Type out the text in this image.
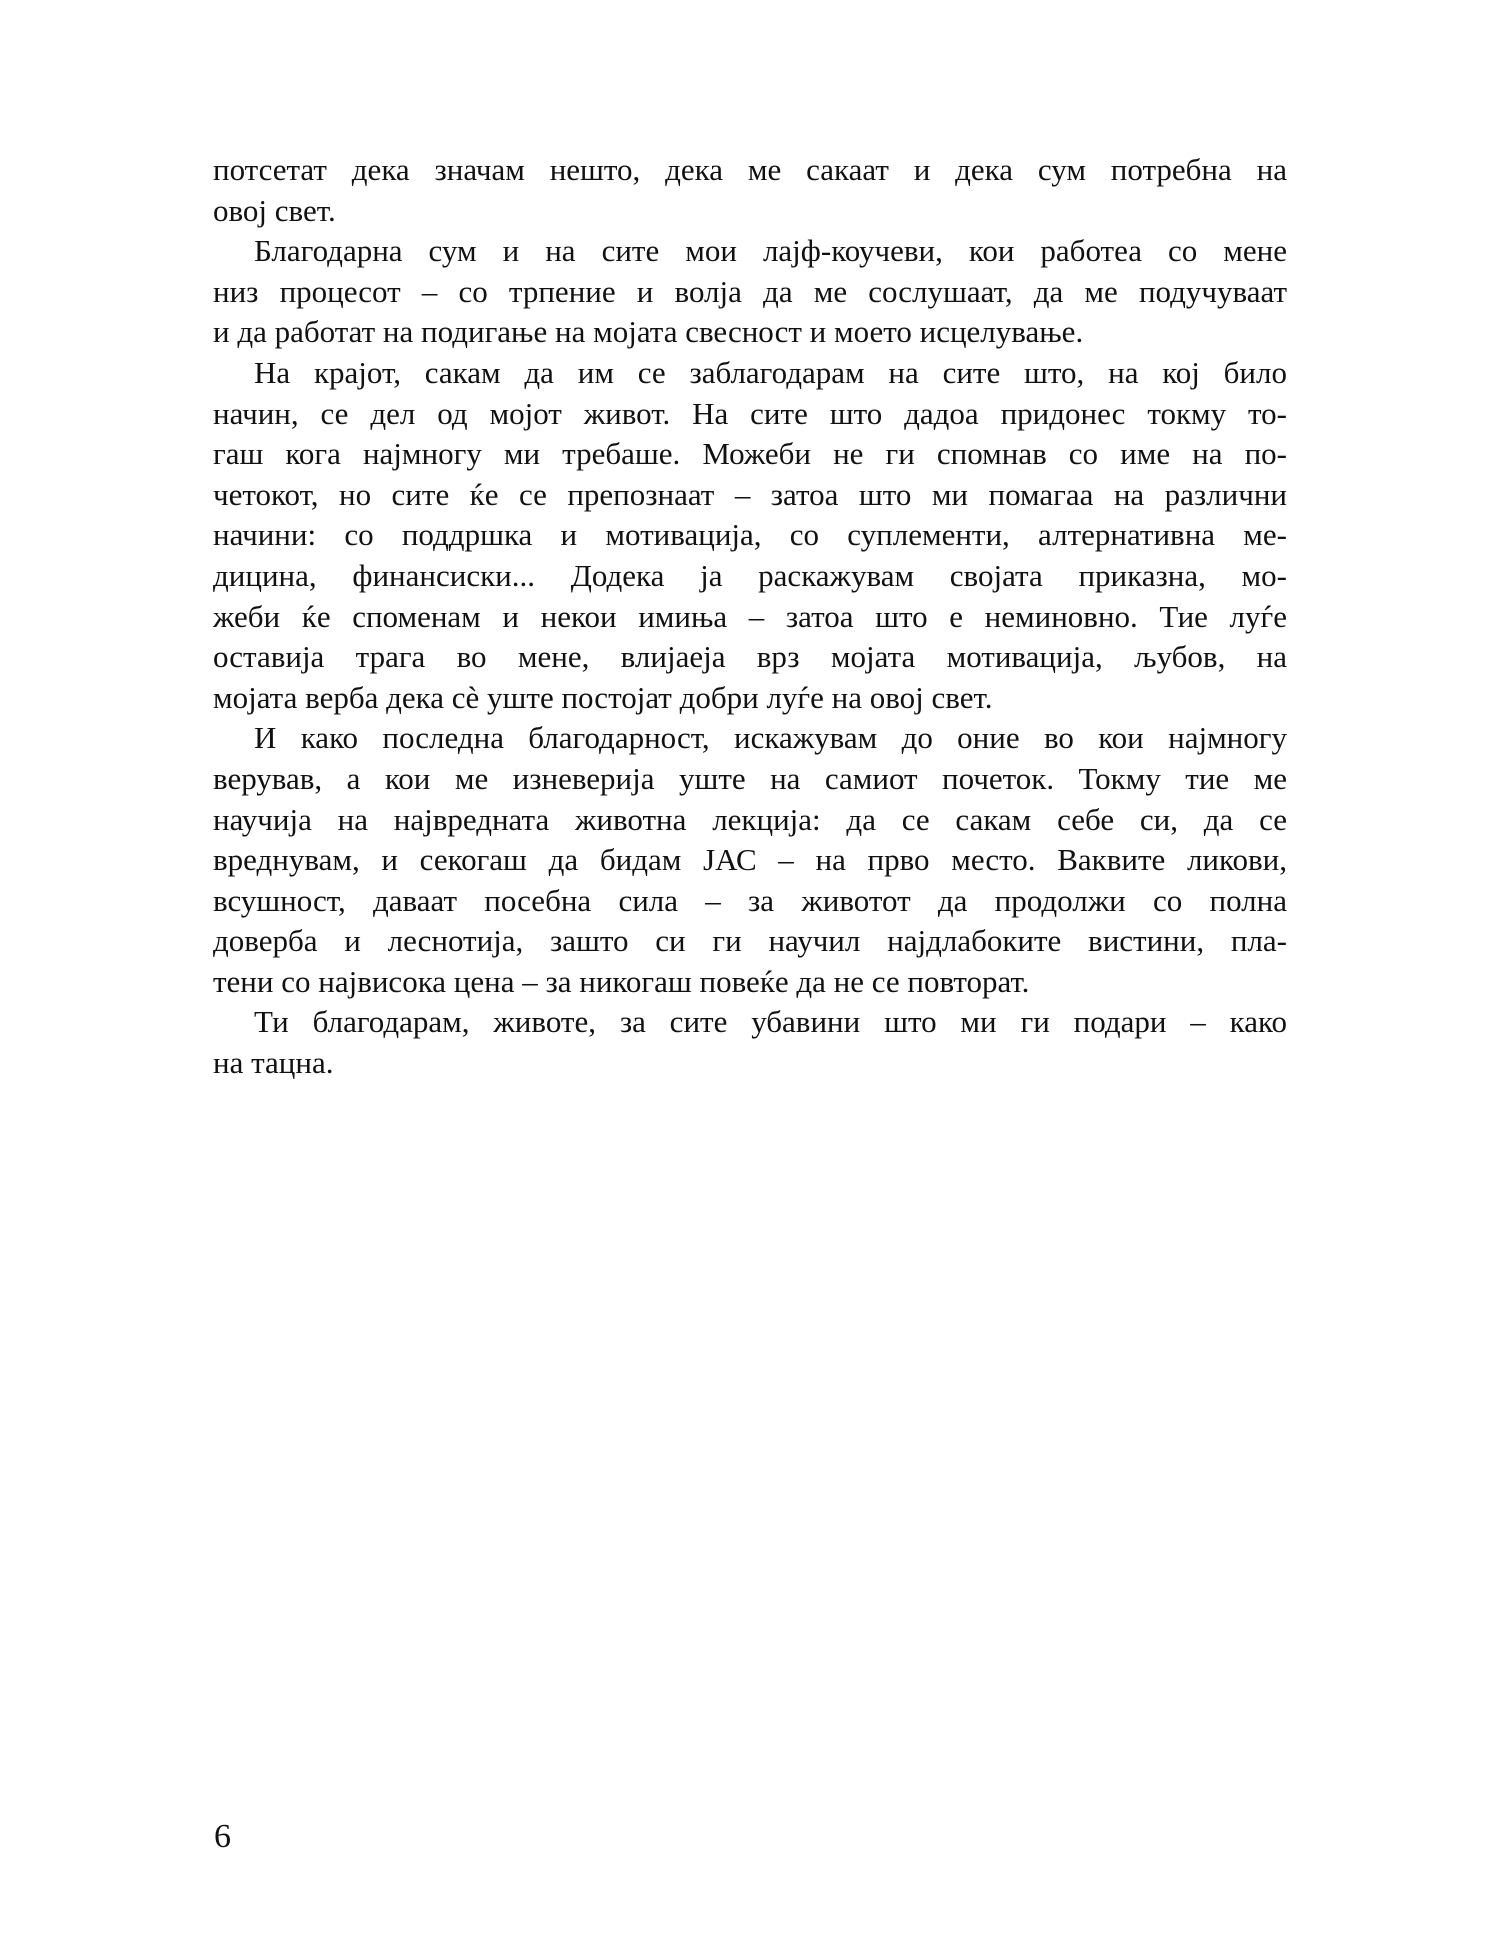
потсетат дека значам нешто, дека ме сакаат и дека сум потребна на
овој свет.
Благодарна сум и на сите мои лајф-коучеви, кои работеа со мене
низ процесот – со трпение и волја да ме сослушаат, да ме подучуваат
и да работат на подигање на мојата свесност и моето исцелување.
На крајот, сакам да им се заблагодарам на сите што, на кој било
начин, се дел од мојот живот. На сите што дадоа придонес токму то-
гаш кога најмногу ми требаше. Можеби не ги спомнав со име на по-
четокот, но сите ќе се препознаат – затоа што ми помагаа на различни
начини: со поддршка и мотивација, со суплементи, алтернативна ме-
дицина, финансиски... Додека ја раскажувам својата приказна, мо-
жеби ќе споменам и некои имиња – затоа што е неминовно. Тие луѓе
оставија трага во мене, влијаеја врз мојата мотивација, љубов, на
мојата верба дека сѐ уште постојат добри луѓе на овој свет.
И како последна благодарност, искажувам до оние во кои најмногу
верував, а кои ме изневерија уште на самиот почеток. Токму тие ме
научија на највредната животна лекција: да се сакам себе си, да се
вреднувам, и секогаш да бидам ЈАС – на прво место. Ваквите ликови,
всушност, даваат посебна сила – за животот да продолжи со полна
доверба и леснотија, зашто си ги научил најдлабоките вистини, пла-
тени со највисока цена – за никогаш повеќе да не се повторат.
Ти благодарам, животе, за сите убавини што ми ги подари – како
на тацна.
6
